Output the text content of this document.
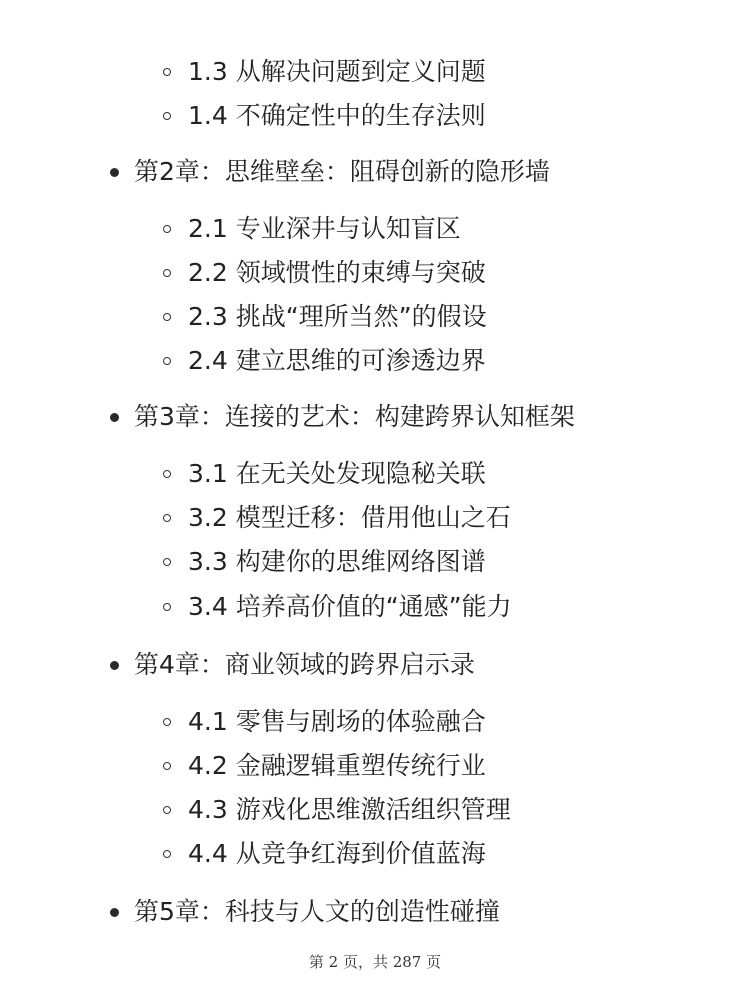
1.3 从解决问题到定义问题
1.4 不确定性中的生存法则
第2章：思维壁垒：阻碍创新的隐形墙
2.1 专业深井与认知盲区
2.2 领域惯性的束缚与突破
2.3 挑战“理所当然”的假设
2.4 建立思维的可渗透边界
第3章：连接的艺术：构建跨界认知框架
3.1 在无关处发现隐秘关联
3.2 模型迁移：借用他山之石
3.3 构建你的思维网络图谱
3.4 培养高价值的“通感”能力
第4章：商业领域的跨界启示录
4.1 零售与剧场的体验融合
4.2 金融逻辑重塑传统行业
4.3 游戏化思维激活组织管理
4.4 从竞争红海到价值蓝海
第5章：科技与人文的创造性碰撞
第 2 页，共 287 页
